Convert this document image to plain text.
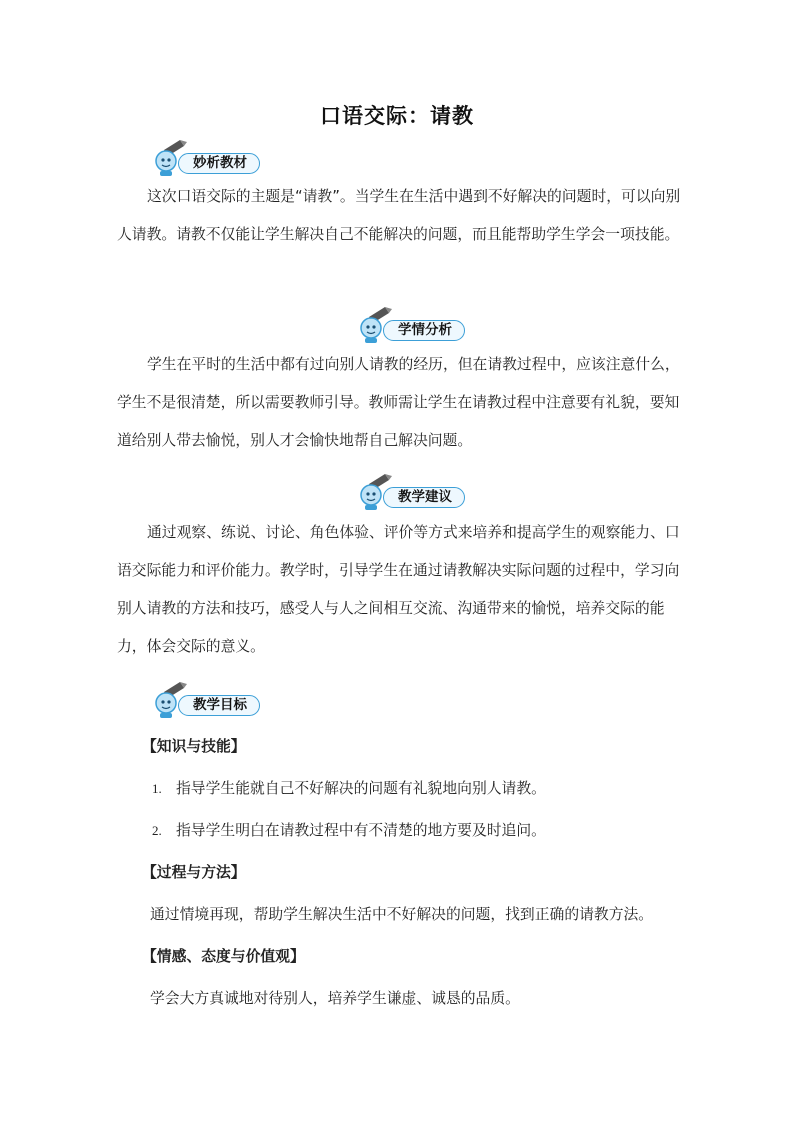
口语交际：请教
妙析教材

这次口语交际的主题是“请教”。当学生在生活中遇到不好解决的问题时，可以向别人请教。请教不仅能让学生解决自己不能解决的问题，而且能帮助学生学会一项技能。

学情分析

学生在平时的生活中都有过向别人请教的经历，但在请教过程中，应该注意什么，学生不是很清楚，所以需要教师引导。教师需让学生在请教过程中注意要有礼貌，要知道给别人带去愉悦，别人才会愉快地帮自己解决问题。

教学建议

通过观察、练说、讨论、角色体验、评价等方式来培养和提高学生的观察能力、口语交际能力和评价能力。教学时，引导学生在通过请教解决实际问题的过程中，学习向别人请教的方法和技巧，感受人与人之间相互交流、沟通带来的愉悦，培养交际的能力，体会交际的意义。

教学目标
【知识与技能】
1. 指导学生能就自己不好解决的问题有礼貌地向别人请教。
2. 指导学生明白在请教过程中有不清楚的地方要及时追问。
【过程与方法】
通过情境再现，帮助学生解决生活中不好解决的问题，找到正确的请教方法。
【情感、态度与价值观】
学会大方真诚地对待别人，培养学生谦虚、诚恳的品质。
